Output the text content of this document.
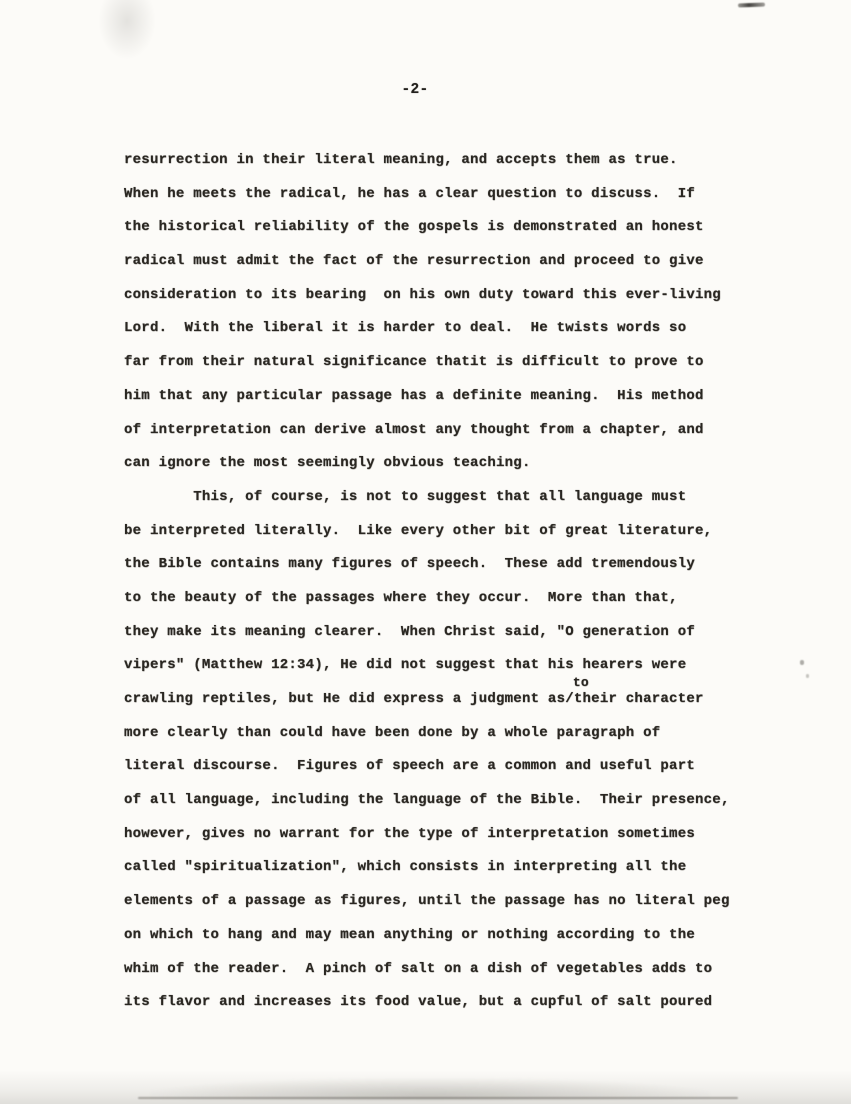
-2-
resurrection in their literal meaning, and accepts them as true.
When he meets the radical, he has a clear question to discuss.  If
the historical reliability of the gospels is demonstrated an honest
radical must admit the fact of the resurrection and proceed to give
consideration to its bearing  on his own duty toward this ever-living
Lord.  With the liberal it is harder to deal.  He twists words so
far from their natural significance thatit is difficult to prove to
him that any particular passage has a definite meaning.  His method
of interpretation can derive almost any thought from a chapter, and
can ignore the most seemingly obvious teaching.
This, of course, is not to suggest that all language must
be interpreted literally.  Like every other bit of great literature,
the Bible contains many figures of speech.  These add tremendously
to the beauty of the passages where they occur.  More than that,
they make its meaning clearer.  When Christ said, "O generation of
vipers" (Matthew 12:34), He did not suggest that his hearers were
crawling reptiles, but He did express a judgment as/
to
their character
more clearly than could have been done by a whole paragraph of
literal discourse.  Figures of speech are a common and useful part
of all language, including the language of the Bible.  Their presence,
however, gives no warrant for the type of interpretation sometimes
called "spiritualization", which consists in interpreting all the
elements of a passage as figures, until the passage has no literal peg
on which to hang and may mean anything or nothing according to the
whim of the reader.  A pinch of salt on a dish of vegetables adds to
its flavor and increases its food value, but a cupful of salt poured
